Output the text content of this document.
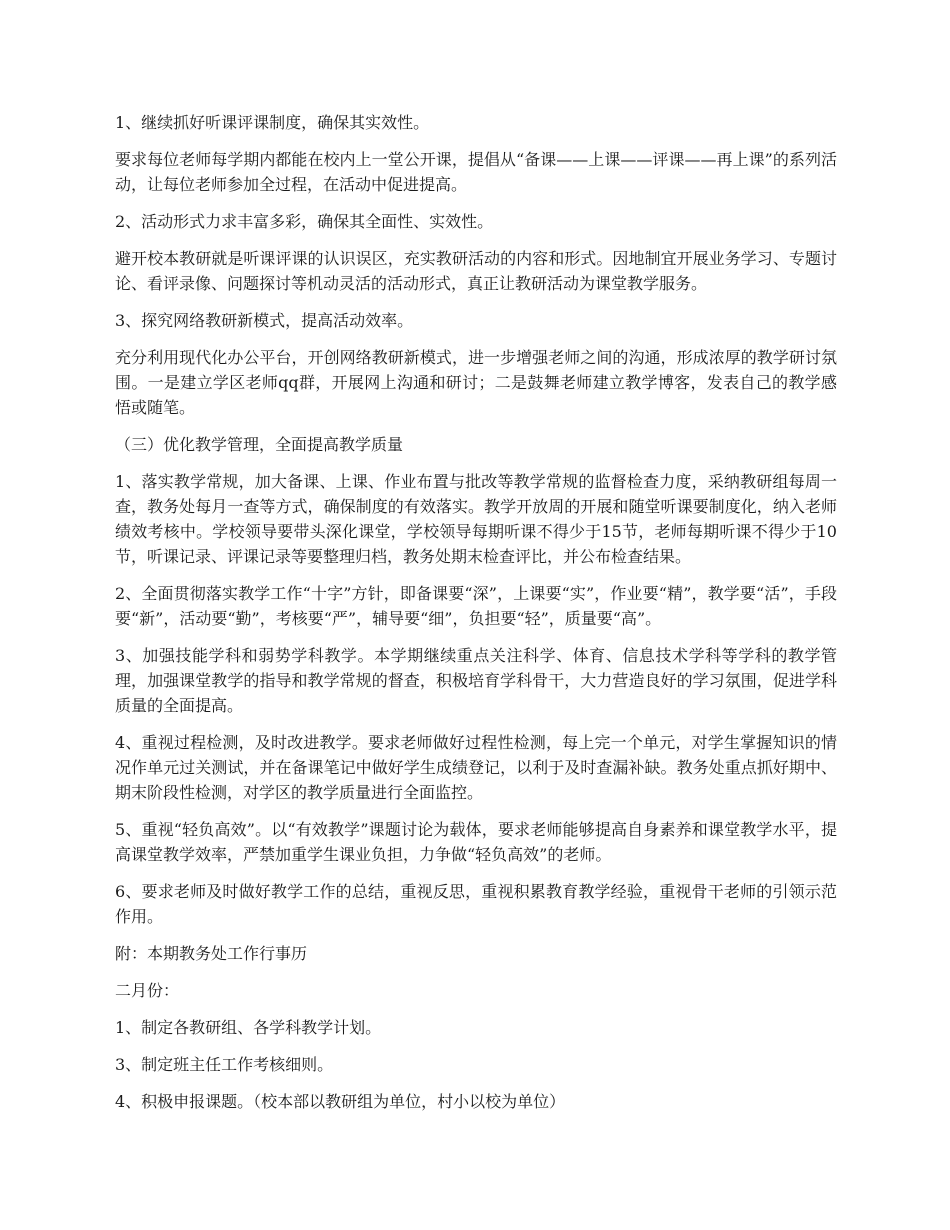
1、继续抓好听课评课制度，确保其实效性。

要求每位老师每学期内都能在校内上一堂公开课，提倡从“备课——上课——评课——再上课”的系列活动，让每位老师参加全过程，在活动中促进提高。

2、活动形式力求丰富多彩，确保其全面性、实效性。

避开校本教研就是听课评课的认识误区，充实教研活动的内容和形式。因地制宜开展业务学习、专题讨论、看评录像、问题探讨等机动灵活的活动形式，真正让教研活动为课堂教学服务。

3、探究网络教研新模式，提高活动效率。

充分利用现代化办公平台，开创网络教研新模式，进一步增强老师之间的沟通，形成浓厚的教学研讨氛围。一是建立学区老师qq群，开展网上沟通和研讨；二是鼓舞老师建立教学博客，发表自己的教学感悟或随笔。

（三）优化教学管理，全面提高教学质量

1、落实教学常规，加大备课、上课、作业布置与批改等教学常规的监督检查力度，采纳教研组每周一查，教务处每月一查等方式，确保制度的有效落实。教学开放周的开展和随堂听课要制度化，纳入老师绩效考核中。学校领导要带头深化课堂，学校领导每期听课不得少于15节，老师每期听课不得少于10节，听课记录、评课记录等要整理归档，教务处期末检查评比，并公布检查结果。

2、全面贯彻落实教学工作“十字”方针，即备课要“深”，上课要“实”，作业要“精”，教学要“活”，手段要“新”，活动要“勤”，考核要“严”，辅导要“细”，负担要“轻”，质量要“高”。

3、加强技能学科和弱势学科教学。本学期继续重点关注科学、体育、信息技术学科等学科的教学管理，加强课堂教学的指导和教学常规的督查，积极培育学科骨干，大力营造良好的学习氛围，促进学科质量的全面提高。

4、重视过程检测，及时改进教学。要求老师做好过程性检测，每上完一个单元，对学生掌握知识的情况作单元过关测试，并在备课笔记中做好学生成绩登记，以利于及时查漏补缺。教务处重点抓好期中、期末阶段性检测，对学区的教学质量进行全面监控。

5、重视“轻负高效”。以“有效教学”课题讨论为载体，要求老师能够提高自身素养和课堂教学水平，提高课堂教学效率，严禁加重学生课业负担，力争做“轻负高效”的老师。

6、要求老师及时做好教学工作的总结，重视反思，重视积累教育教学经验，重视骨干老师的引领示范作用。

附：本期教务处工作行事历

二月份：

1、制定各教研组、各学科教学计划。

3、制定班主任工作考核细则。

4、积极申报课题。（校本部以教研组为单位，村小以校为单位）
